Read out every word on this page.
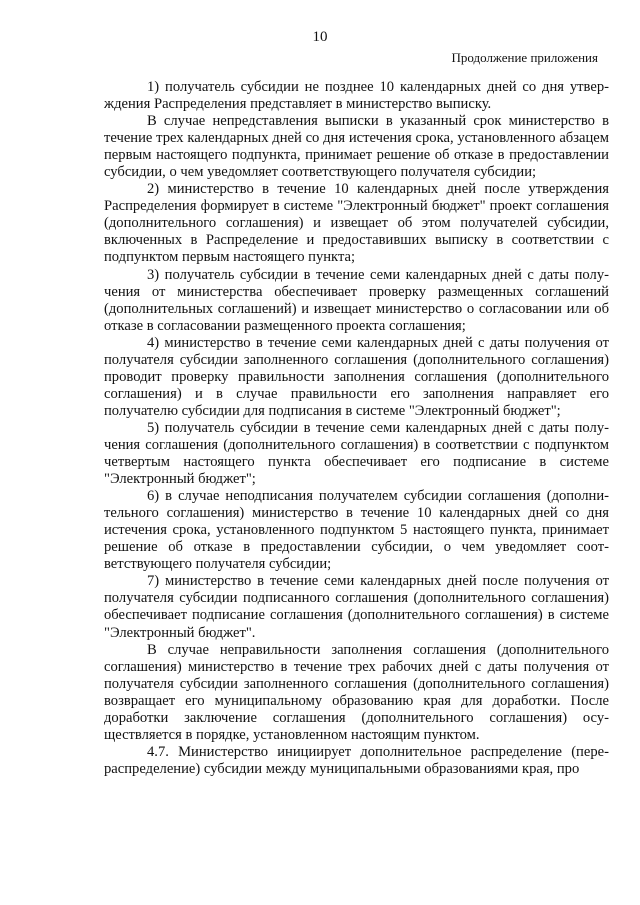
10
Продолжение приложения

1) получатель субсидии не позднее 10 календарных дней со дня утверждения Распределения представляет в министерство выписку.

В случае непредставления выписки в указанный срок министерство в течение трех календарных дней со дня истечения срока, установленного абзацем первым настоящего подпункта, принимает решение об отказе в предоставлении субсидии, о чем уведомляет соответствующего получателя субсидии;

2) министерство в течение 10 календарных дней после утверждения Распределения формирует в системе "Электронный бюджет" проект соглашения (дополнительного соглашения) и извещает об этом получателей субсидии, включенных в Распределение и предоставивших выписку в соответствии с подпунктом первым настоящего пункта;

3) получатель субсидии в течение семи календарных дней с даты получения от министерства обеспечивает проверку размещенных соглашений (дополнительных соглашений) и извещает министерство о согласовании или об отказе в согласовании размещенного проекта соглашения;

4) министерство в течение семи календарных дней с даты получения от получателя субсидии заполненного соглашения (дополнительного соглашения) проводит проверку правильности заполнения соглашения (дополнительного соглашения) и в случае правильности его заполнения направляет его получателю субсидии для подписания в системе "Электронный бюджет";

5) получатель субсидии в течение семи календарных дней с даты получения соглашения (дополнительного соглашения) в соответствии с подпунктом четвертым настоящего пункта обеспечивает его подписание в системе "Электронный бюджет";

6) в случае неподписания получателем субсидии соглашения (дополнительного соглашения) министерство в течение 10 календарных дней со дня истечения срока, установленного подпунктом 5 настоящего пункта, принимает решение об отказе в предоставлении субсидии, о чем уведомляет соответствующего получателя субсидии;

7) министерство в течение семи календарных дней после получения от получателя субсидии подписанного соглашения (дополнительного соглашения) обеспечивает подписание соглашения (дополнительного соглашения) в системе "Электронный бюджет".

В случае неправильности заполнения соглашения (дополнительного соглашения) министерство в течение трех рабочих дней с даты получения от получателя субсидии заполненного соглашения (дополнительного соглашения) возвращает его муниципальному образованию края для доработки. После доработки заключение соглашения (дополнительного соглашения) осуществляется в порядке, установленном настоящим пунктом.

4.7. Министерство инициирует дополнительное распределение (перераспределение) субсидии между муниципальными образованиями края, про
